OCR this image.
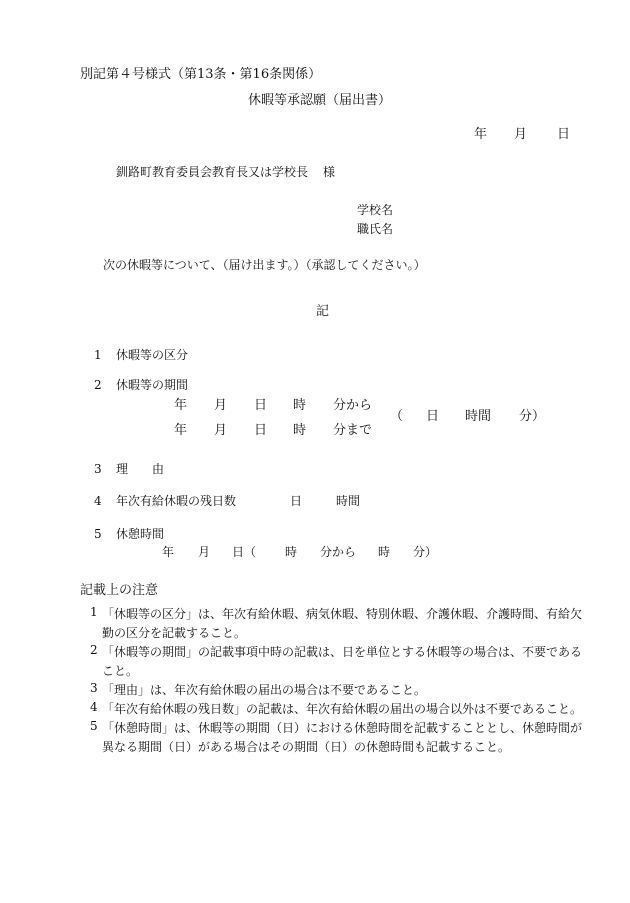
別記第４号様式（第13条・第16条関係）
休暇等承認願（届出書）
年 月 日
釧路町教育委員会教育長又は学校長 様
学校名
職氏名
次の休暇等について、（届け出ます。）（承認してください。）
記
1 休暇等の区分
2 休暇等の期間
年 月 日 時 分から
年 月 日 時 分まで
（ 日 時間 分）
3 理　　由
4 年次有給休暇の残日数	日	時間
5 休憩時間
年 月 日（ 時 分から 時 分）
記載上の注意
1 「休暇等の区分」は、年次有給休暇、病気休暇、特別休暇、介護休暇、介護時間、有給欠
勤の区分を記載すること。
2 「休暇等の期間」の記載事項中時の記載は、日を単位とする休暇等の場合は、不要である
こと。
3 「理由」は、年次有給休暇の届出の場合は不要であること。
4 「年次有給休暇の残日数」の記載は、年次有給休暇の届出の場合以外は不要であること。
5 「休憩時間」は、休暇等の期間（日）における休憩時間を記載することとし、休憩時間が
異なる期間（日）がある場合はその期間（日）の休憩時間も記載すること。
